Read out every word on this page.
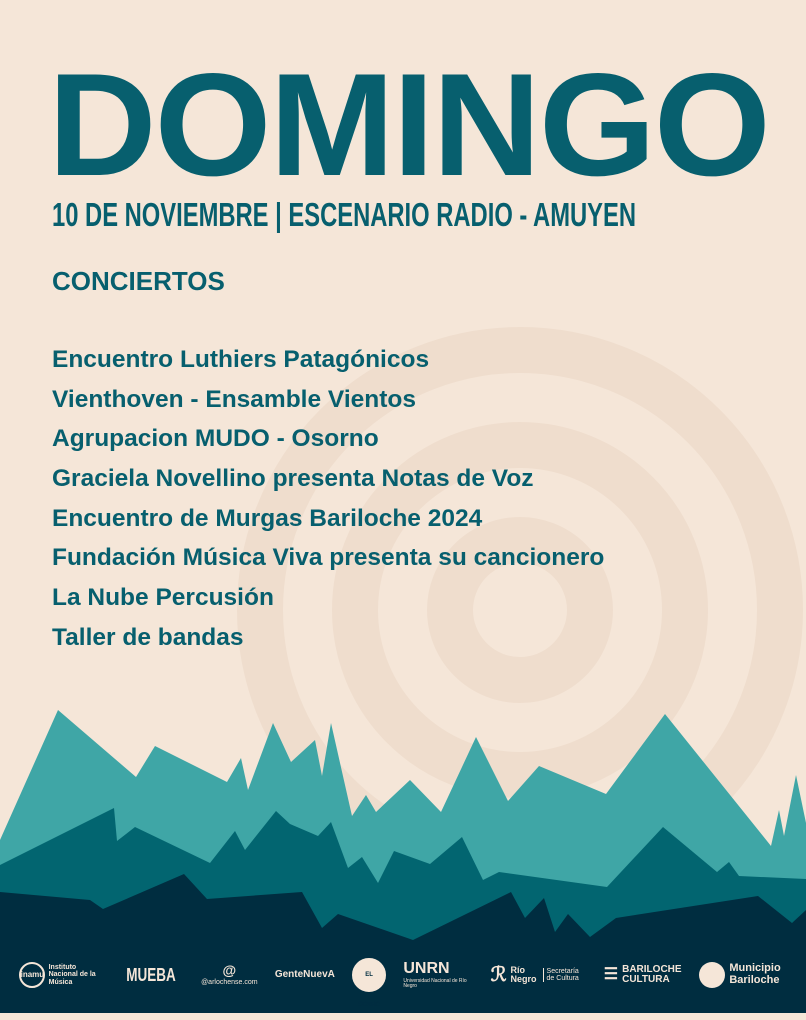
DOMINGO
10 DE NOVIEMBRE | ESCENARIO RADIO - AMUYEN
CONCIERTOS
Encuentro Luthiers Patagónicos
Vienthoven - Ensamble Vientos
Agrupacion MUDO - Osorno
Graciela Novellino presenta Notas de Voz
Encuentro de Murgas Bariloche 2024
Fundación Música Viva presenta su cancionero
La Nube Percusión
Taller de bandas
inamu
Instituto Nacional de la Música	MUEBA	@
@arlochense.com
GenteNuevA	EL OCURO
UNRN
Universidad Nacional de Río Negro
ℛ Río Negro
Secretaría de Cultura	☰ BARILOCHE CULTURA
Municipio Bariloche
